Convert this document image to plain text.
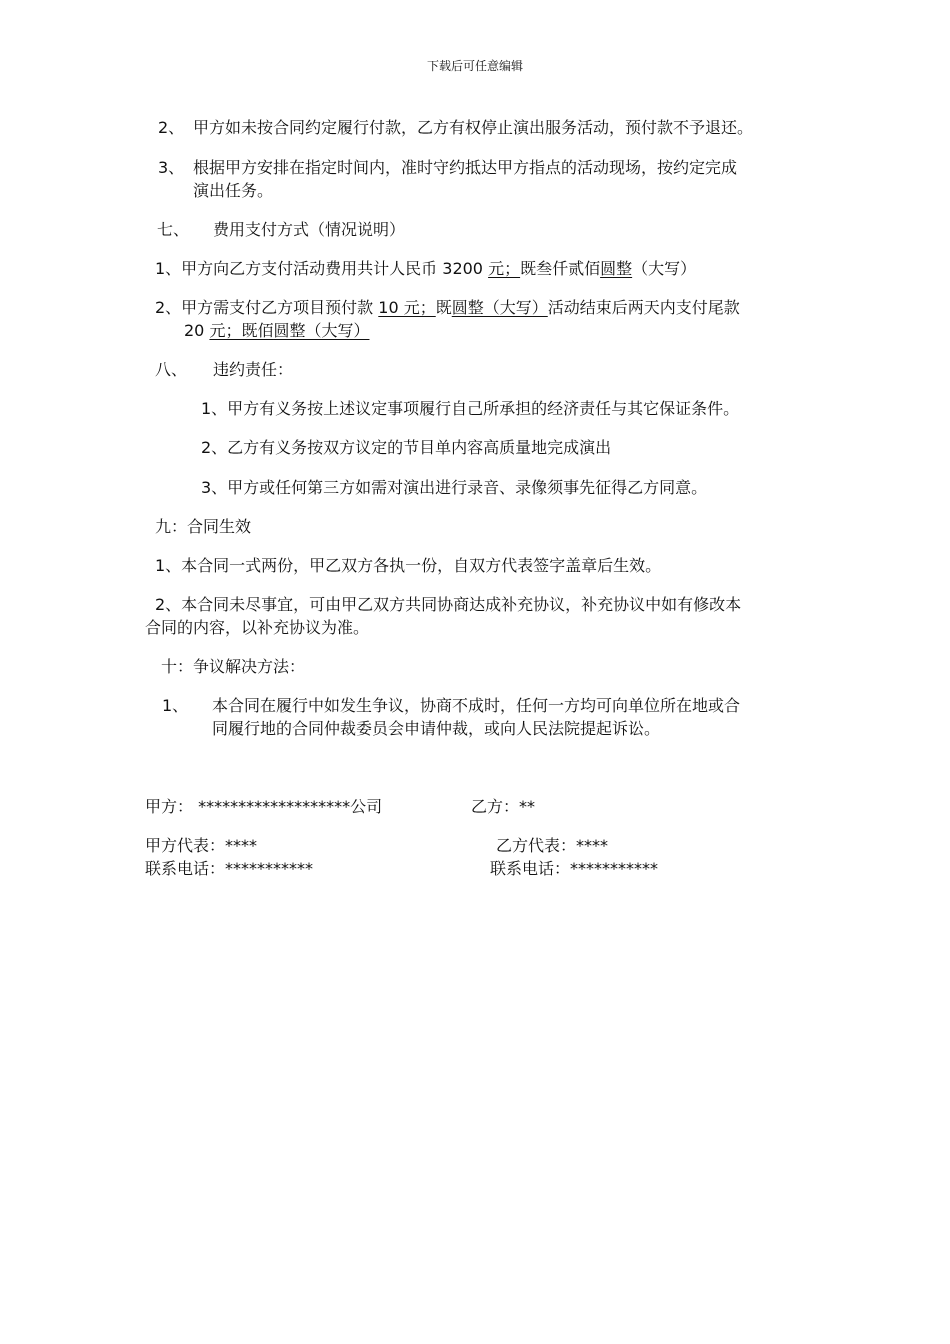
下载后可任意编辑
2、 甲方如未按合同约定履行付款，乙方有权停止演出服务活动，预付款不予退还。
3、 根据甲方安排在指定时间内，准时守约抵达甲方指点的活动现场，按约定完成
演出任务。
七、 费用支付方式（情况说明）
1、甲方向乙方支付活动费用共计人民币 3200 元；既叁仟贰佰圆整（大写）
2、甲方需支付乙方项目预付款 10 元；既圆整（大写）活动结束后两天内支付尾款
20 元；既佰圆整（大写）
八、 违约责任：
1、甲方有义务按上述议定事项履行自己所承担的经济责任与其它保证条件。
2、乙方有义务按双方议定的节目单内容高质量地完成演出
3、甲方或任何第三方如需对演出进行录音、录像须事先征得乙方同意。
九：合同生效
1、本合同一式两份，甲乙双方各执一份，自双方代表签字盖章后生效。
2、本合同未尽事宜，可由甲乙双方共同协商达成补充协议，补充协议中如有修改本
合同的内容，以补充协议为准。
十：争议解决方法：
1、 本合同在履行中如发生争议，协商不成时，任何一方均可向单位所在地或合
同履行地的合同仲裁委员会申请仲裁，或向人民法院提起诉讼。
甲方： *******************公司	乙方：**
甲方代表：****	乙方代表：****
联系电话：***********	联系电话：***********
